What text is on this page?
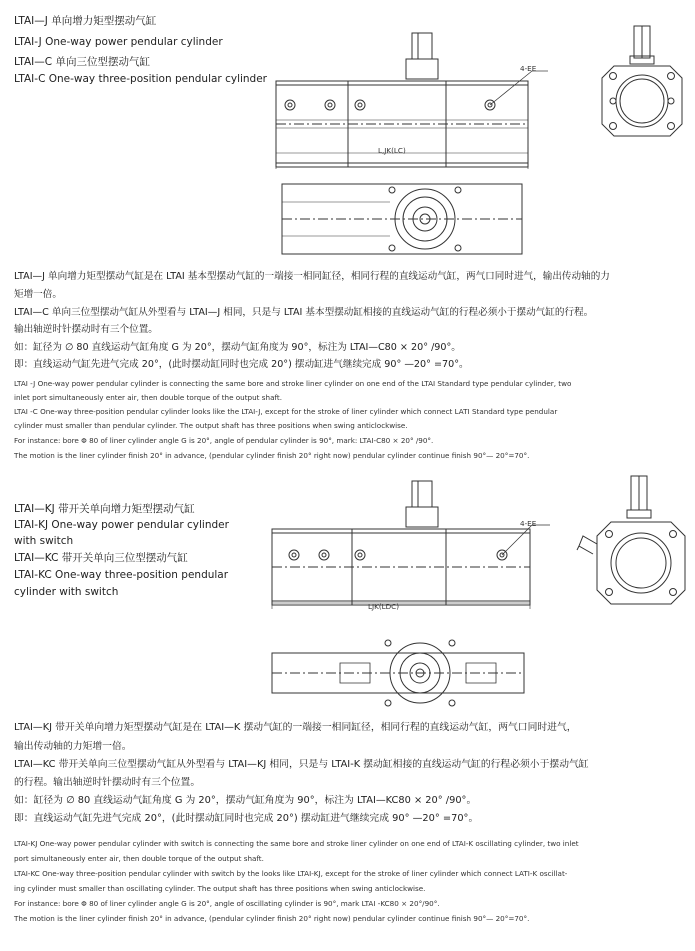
LTAI—J 单向增力矩型摆动气缸
LTAI-J One-way power pendular cylinder
LTAI—C 单向三位型摆动气缸
LTAI-C One-way three-position pendular cylinder
4-EE
L,JK(LC)
LTAI—J 单向增力矩型摆动气缸是在 LTAI 基本型摆动气缸的一端接一相同缸径，相同行程的直线运动气缸，两气口同时进气，输出传动轴的力
矩增一倍。
LTAI—C 单向三位型摆动气缸从外型看与 LTAI—J 相同，只是与 LTAI 基本型摆动缸相接的直线运动气缸的行程必须小于摆动气缸的行程。
输出轴逆时针摆动时有三个位置。
如：缸径为 ∅ 80 直线运动气缸角度 G 为 20°，摆动气缸角度为 90°，标注为 LTAI—C80 × 20° /90°。
即：直线运动气缸先进气完成 20°，(此时摆动缸同时也完成 20°) 摆动缸进气继续完成 90° —20° =70°。
LTAI -J One-way power pendular cylinder is connecting the same bore and stroke liner cylinder on one end of the LTAI Standard type pendular cylinder, two
inlet port simultaneously enter air, then double torque of the output shaft.
LTAI -C One-way three-position pendular cylinder looks like the LTAI-J, except for the stroke of liner cylinder which connect LATI Standard type pendular
cylinder must smaller than pendular cylinder. The output shaft has three positions when swing anticlockwise.
For instance: bore Φ 80 of liner cylinder angle G is 20°, angle of pendular cylinder is 90°, mark: LTAI-C80 × 20° /90°.
The motion is the liner cylinder finish 20° in advance, (pendular cylinder finish 20° right now) pendular cylinder continue finish 90°— 20°=70°.
LTAI—KJ 带开关单向增力矩型摆动气缸
LTAI-KJ One-way power pendular cylinder
with switch
LTAI—KC 带开关单向三位型摆动气缸
LTAI-KC One-way three-position pendular
cylinder with switch
4-EE
LJK(LDC)
LTAI—KJ 带开关单向增力矩型摆动气缸是在 LTAI—K 摆动气缸的一端接一相同缸径，相同行程的直线运动气缸，两气口同时进气，
输出传动轴的力矩增一倍。
LTAI—KC 带开关单向三位型摆动气缸从外型看与 LTAI—KJ 相同，只是与 LTAI-K 摆动缸相接的直线运动气缸的行程必须小于摆动气缸
的行程。输出轴逆时针摆动时有三个位置。
如：缸径为 ∅ 80 直线运动气缸角度 G 为 20°，摆动气缸角度为 90°，标注为 LTAI—KC80 × 20° /90°。
即：直线运动气缸先进气完成 20°，(此时摆动缸同时也完成 20°) 摆动缸进气继续完成 90° —20° =70°。
LTAI-KJ One-way power pendular cylinder with switch is connecting the same bore and stroke liner cylinder on one end of LTAI-K oscillating cylinder, two inlet
port simultaneously enter air, then double torque of the output shaft.
LTAI-KC One-way three-position pendular cylinder with switch by the looks like LTAI-KJ, except for the stroke of liner cylinder which connect LATI-K oscillat-
ing cylinder must smaller than oscillating cylinder. The output shaft has three positions when swing anticlockwise.
For instance: bore Φ 80 of liner cylinder angle G is 20°, angle of oscillating cylinder is 90°, mark LTAI -KC80 × 20°/90°.
The motion is the liner cylinder finish 20° in advance, (pendular cylinder finish 20° right now) pendular cylinder continue finish 90°— 20°=70°.
